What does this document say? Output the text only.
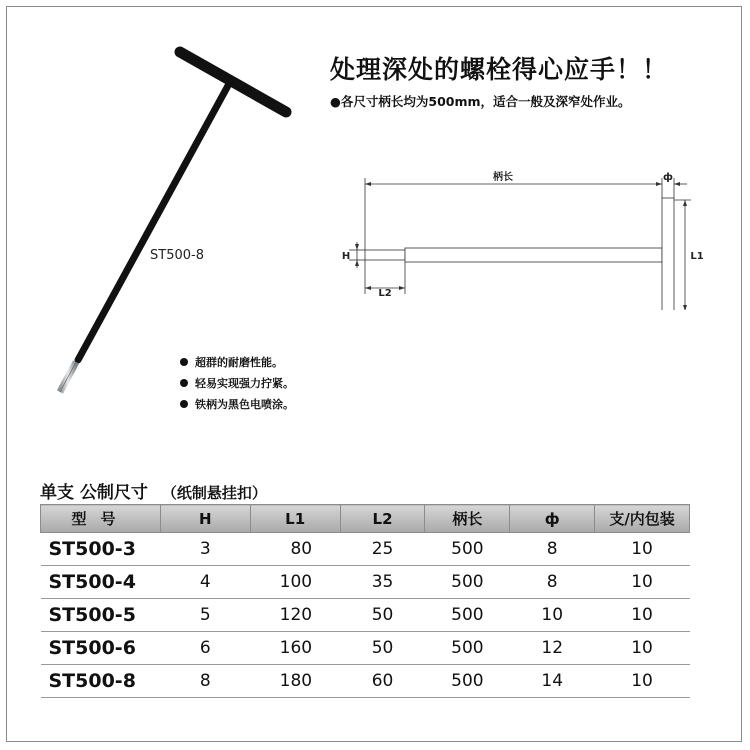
ST500-8
处理深处的螺栓得心应手！！
●各尺寸柄长均为500mm，适合一般及深窄处作业。
柄长	ф
H
L2
L1
超群的耐磨性能。
轻易实现强力拧紧。
铁柄为黑色电喷涂。
单支 公制尺寸 （纸制悬挂扣）
型号	H	L1	L2	柄长	ф	支/内包装
ST500-3	3	80	25	500	8	10
ST500-4	4	100	35	500	8	10
ST500-5	5	120	50	500	10	10
ST500-6	6	160	50	500	12	10
ST500-8	8	180	60	500	14	10
